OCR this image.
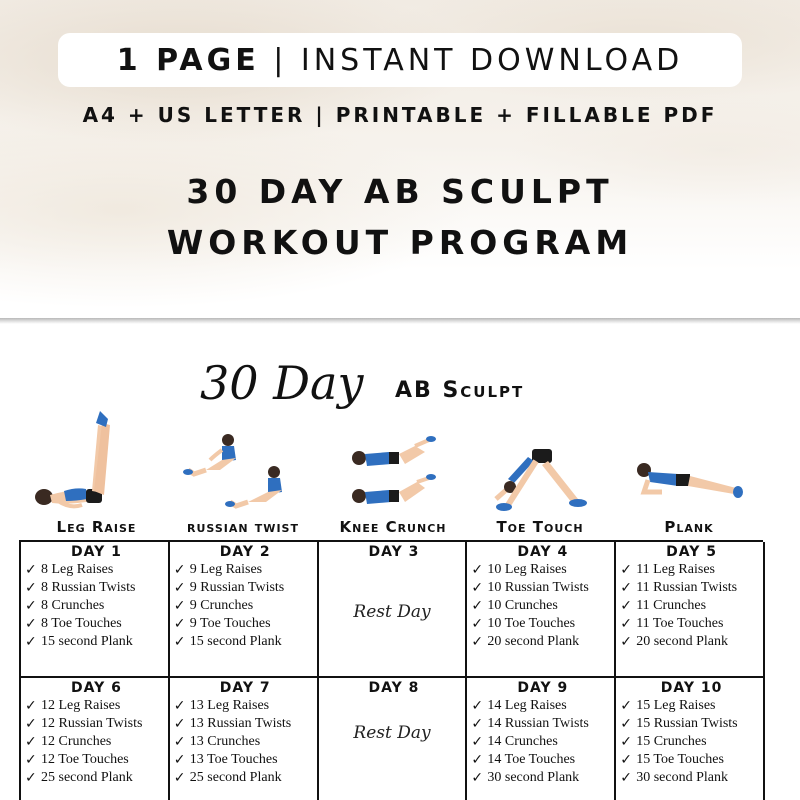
1 PAGE | INSTANT DOWNLOAD
A4 + US LETTER | PRINTABLE + FILLABLE PDF
30 DAY AB SCULPT
WORKOUT PROGRAM
30 Day AB Sculpt
Leg Raise	russian twist	Knee Crunch	Toe Touch	Plank
DAY 1
✓ 8 Leg Raises
✓ 8 Russian Twists
✓ 8 Crunches
✓ 8 Toe Touches
✓ 15 second Plank
DAY 2
✓ 9 Leg Raises
✓ 9 Russian Twists
✓ 9 Crunches
✓ 9 Toe Touches
✓ 15 second Plank
DAY 3
Rest Day
DAY 4
✓ 10 Leg Raises
✓ 10 Russian Twists
✓ 10 Crunches
✓ 10 Toe Touches
✓ 20 second Plank
DAY 5
✓ 11 Leg Raises
✓ 11 Russian Twists
✓ 11 Crunches
✓ 11 Toe Touches
✓ 20 second Plank
DAY 6
✓ 12 Leg Raises
✓ 12 Russian Twists
✓ 12 Crunches
✓ 12 Toe Touches
✓ 25 second Plank
DAY 7
✓ 13 Leg Raises
✓ 13 Russian Twists
✓ 13 Crunches
✓ 13 Toe Touches
✓ 25 second Plank
DAY 8
Rest Day
DAY 9
✓ 14 Leg Raises
✓ 14 Russian Twists
✓ 14 Crunches
✓ 14 Toe Touches
✓ 30 second Plank
DAY 10
✓ 15 Leg Raises
✓ 15 Russian Twists
✓ 15 Crunches
✓ 15 Toe Touches
✓ 30 second Plank
